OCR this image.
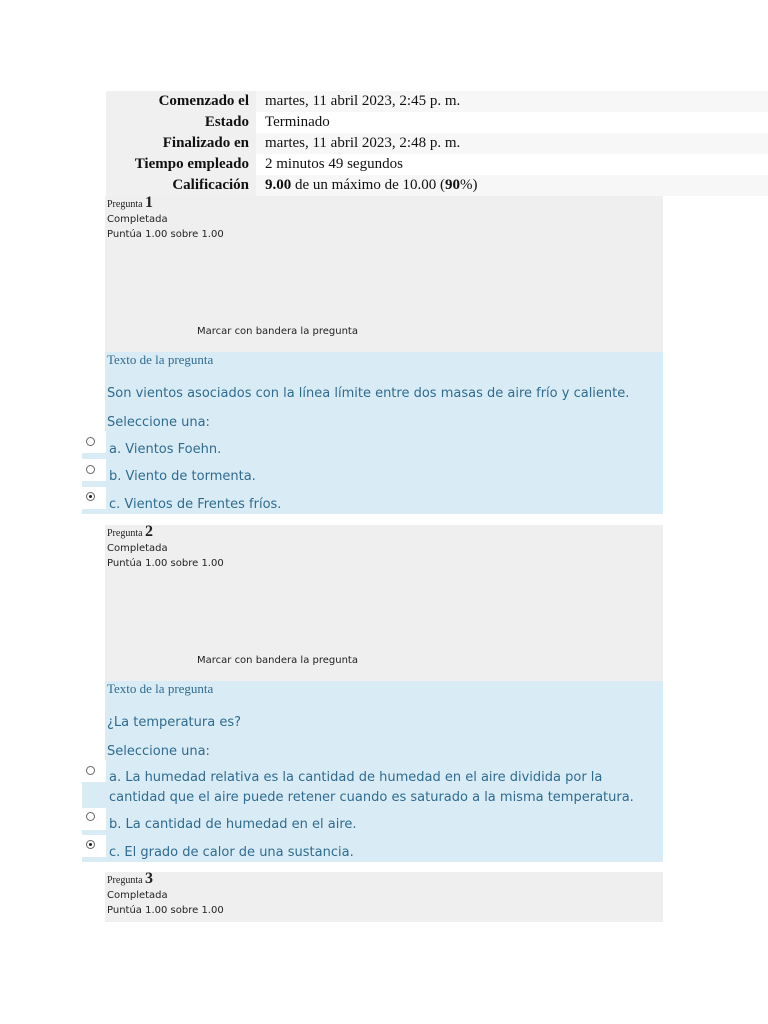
Comenzado el	martes, 11 abril 2023, 2:45 p. m.
Estado	Terminado
Finalizado en	martes, 11 abril 2023, 2:48 p. m.
Tiempo empleado	2 minutos 49 segundos
Calificación	9.00 de un máximo de 10.00 (90%)
Pregunta 1
Completada
Puntúa 1.00 sobre 1.00
Marcar con bandera la pregunta
Texto de la pregunta
Son vientos asociados con la línea límite entre dos masas de aire frío y caliente.
Seleccione una:
a. Vientos Foehn.
b. Viento de tormenta.
c. Vientos de Frentes fríos.
Pregunta 2
Completada
Puntúa 1.00 sobre 1.00
Marcar con bandera la pregunta
Texto de la pregunta
¿La temperatura es?
Seleccione una:
a. La humedad relativa es la cantidad de humedad en el aire dividida por la cantidad que el aire puede retener cuando es saturado a la misma temperatura.
b. La cantidad de humedad en el aire.
c. El grado de calor de una sustancia.
Pregunta 3
Completada
Puntúa 1.00 sobre 1.00
